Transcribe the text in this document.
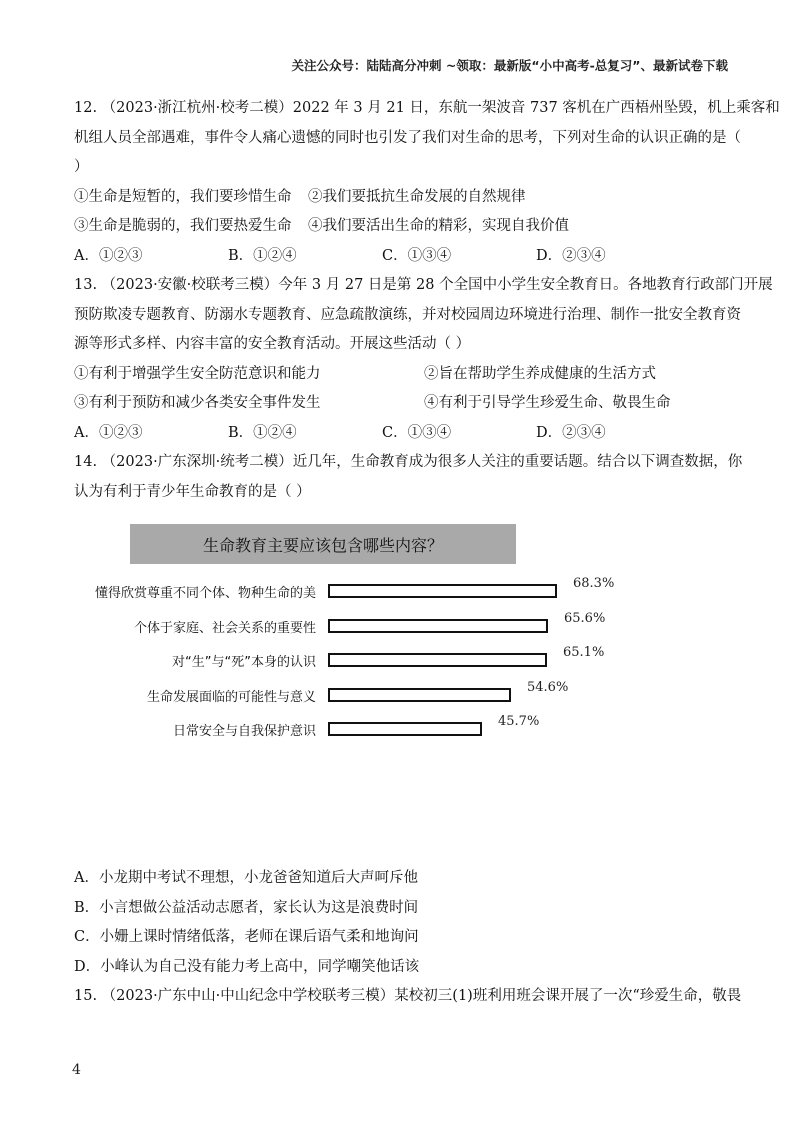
关注公众号：陆陆高分冲刺 ~领取：最新版“小中高考-总复习”、最新试卷下载
12. （2023·浙江杭州·校考二模）2022 年 3 月 21 日，东航一架波音 737 客机在广西梧州坠毁，机上乘客和
机组人员全部遇难，事件令人痛心遗憾的同时也引发了我们对生命的思考，下列对生命的认识正确的是（
）
①生命是短暂的，我们要珍惜生命	②我们要抵抗生命发展的自然规律
③生命是脆弱的，我们要热爱生命	④我们要活出生命的精彩，实现自我价值
A．①②③	B．①②④	C．①③④	D．②③④
13. （2023·安徽·校联考三模）今年 3 月 27 日是第 28 个全国中小学生安全教育日。各地教育行政部门开展
预防欺凌专题教育、防溺水专题教育、应急疏散演练，并对校园周边环境进行治理、制作一批安全教育资
源等形式多样、内容丰富的安全教育活动。开展这些活动（ ）
①有利于增强学生安全防范意识和能力	②旨在帮助学生养成健康的生活方式
③有利于预防和减少各类安全事件发生	④有利于引导学生珍爱生命、敬畏生命
A．①②③	B．①②④	C．①③④	D．②③④
14. （2023·广东深圳·统考二模）近几年，生命教育成为很多人关注的重要话题。结合以下调查数据，你
认为有利于青少年生命教育的是（ ）
生命教育主要应该包含哪些内容？
懂得欣赏尊重不同个体、物种生命的美
68.3%
个体于家庭、社会关系的重要性
65.6%
对“生”与“死”本身的认识
65.1%
生命发展面临的可能性与意义
54.6%
日常安全与自我保护意识
45.7%
A．小龙期中考试不理想，小龙爸爸知道后大声呵斥他
B．小言想做公益活动志愿者，家长认为这是浪费时间
C．小姗上课时情绪低落，老师在课后语气柔和地询问
D．小峰认为自己没有能力考上高中，同学嘲笑他话该
15. （2023·广东中山·中山纪念中学校联考三模）某校初三(1)班利用班会课开展了一次“珍爱生命，敬畏
4
